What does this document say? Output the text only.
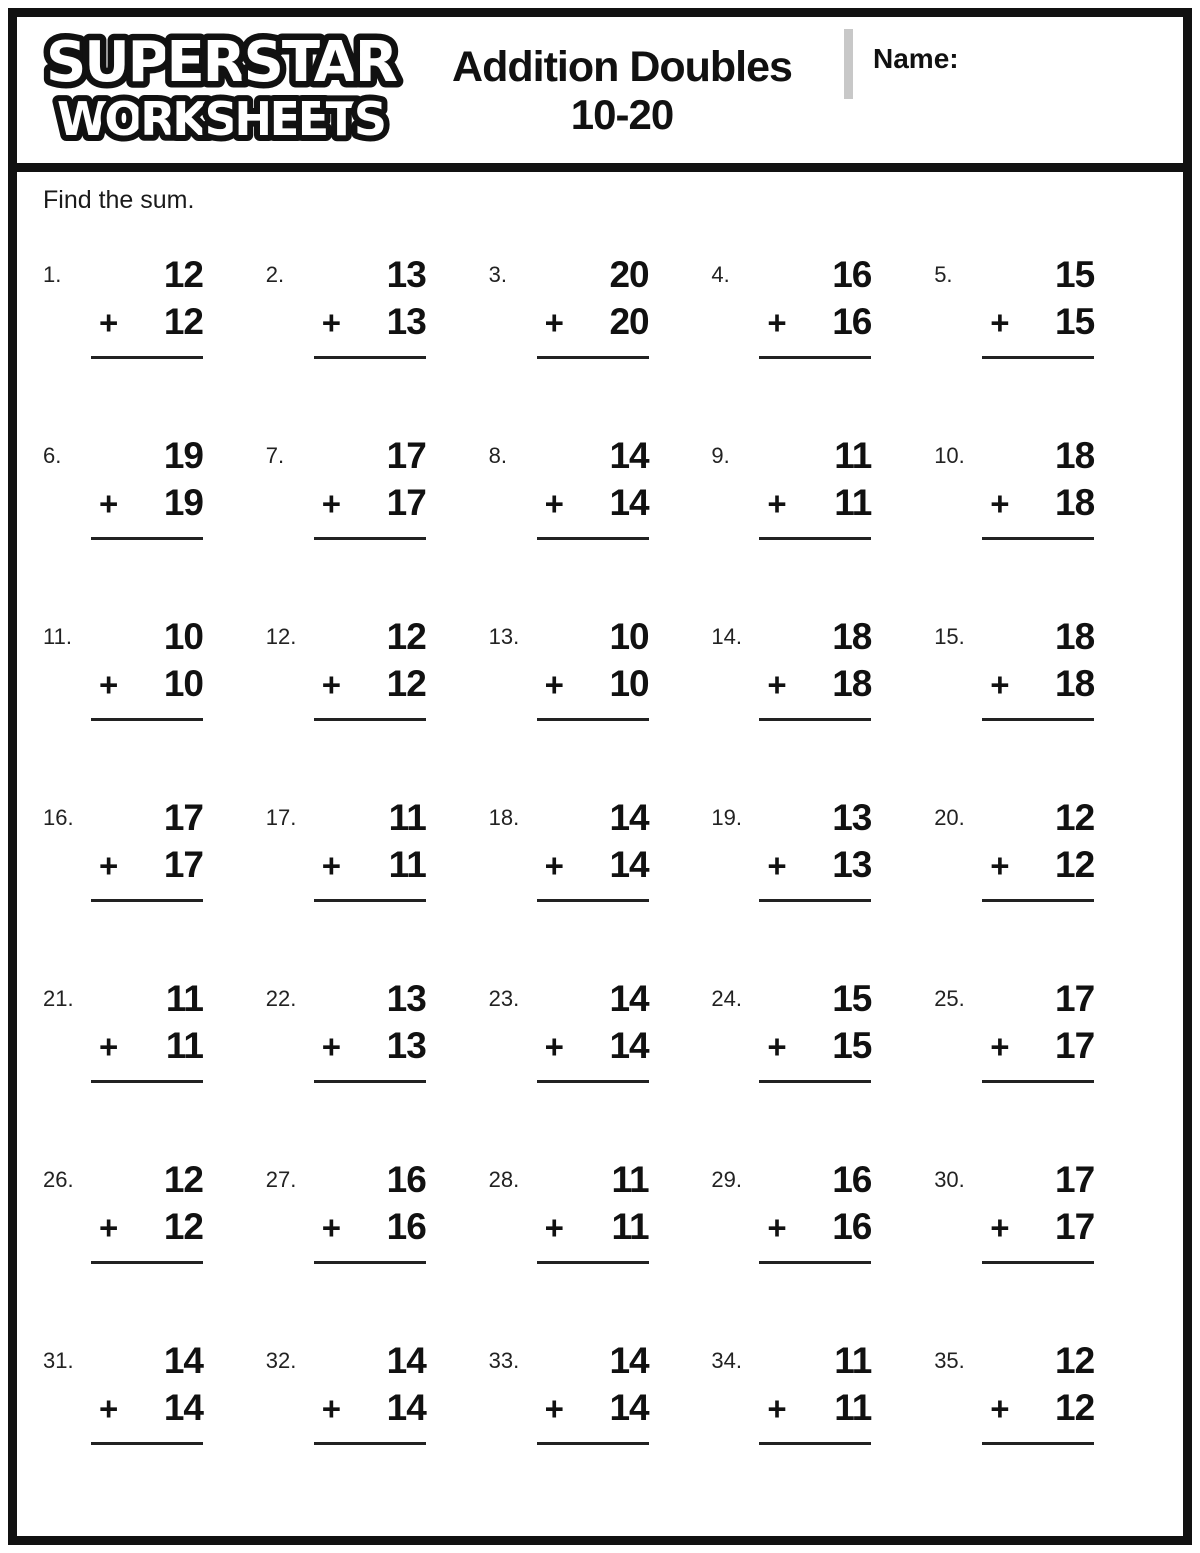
SUPERSTAR
WORKSHEETS
Addition Doubles
10-20
Name:
Find the sum.
1.	12
+ 12
2.	13
+ 13
3.	20
+ 20
4.	16
+ 16
5.	15
+ 15
6.	19
+ 19
7.	17
+ 17
8.	14
+ 14
9.	11
+ 11
10.	18
+ 18
11.	10
+ 10
12.	12
+ 12
13.	10
+ 10
14.	18
+ 18
15.	18
+ 18
16.	17
+ 17
17.	11
+ 11
18.	14
+ 14
19.	13
+ 13
20.	12
+ 12
21.	11
+ 11
22.	13
+ 13
23.	14
+ 14
24.	15
+ 15
25.	17
+ 17
26.	12
+ 12
27.	16
+ 16
28.	11
+ 11
29.	16
+ 16
30.	17
+ 17
31.	14
+ 14
32.	14
+ 14
33.	14
+ 14
34.	11
+ 11
35.	12
+ 12
